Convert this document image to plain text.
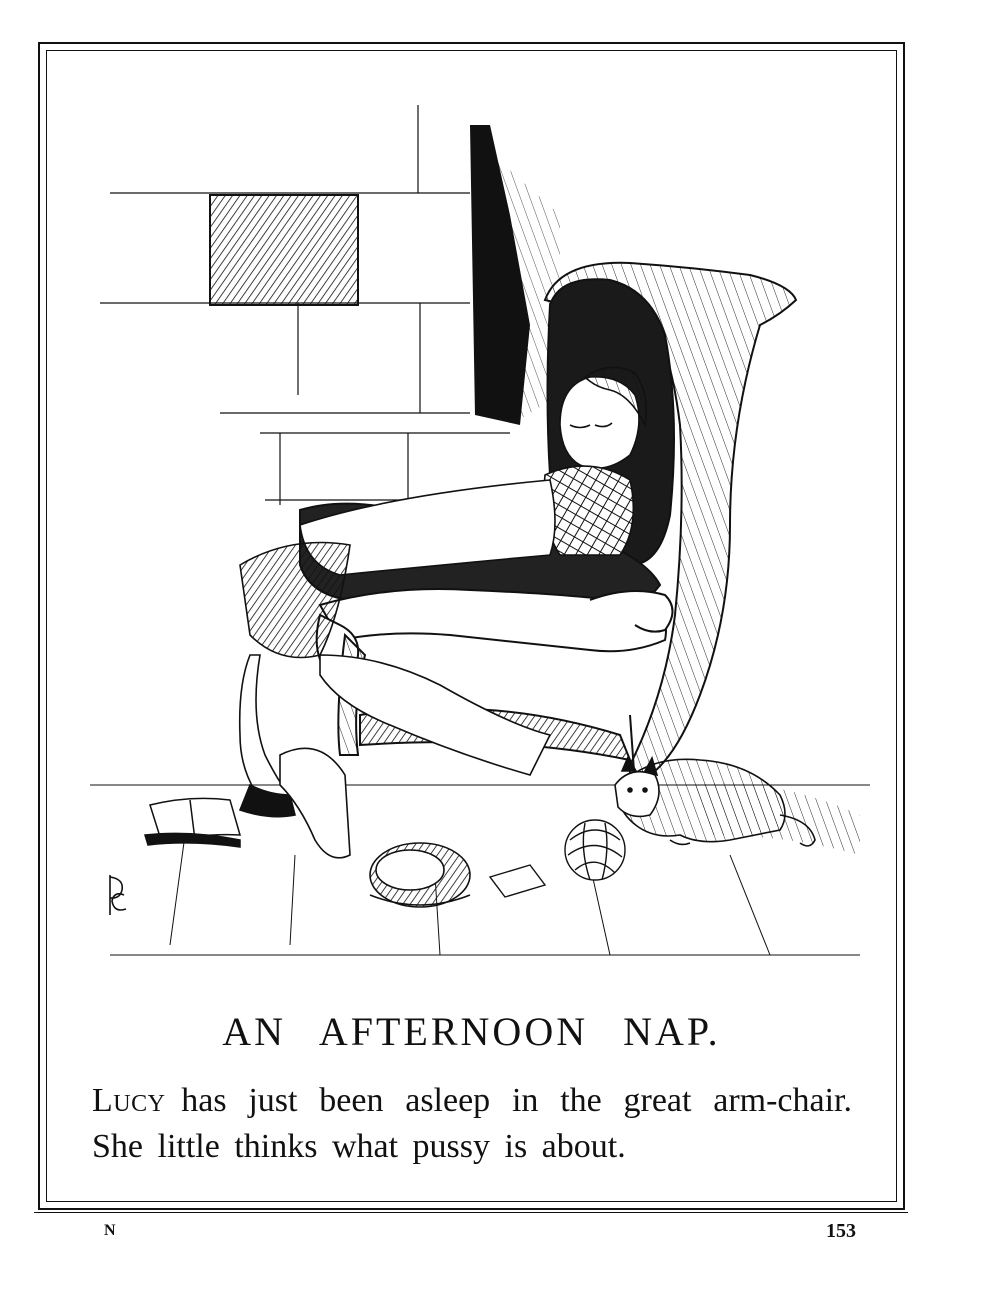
AN AFTERNOON NAP.

Lucy has just been asleep in the great arm-chair. She little thinks what pussy is about.

N	153
